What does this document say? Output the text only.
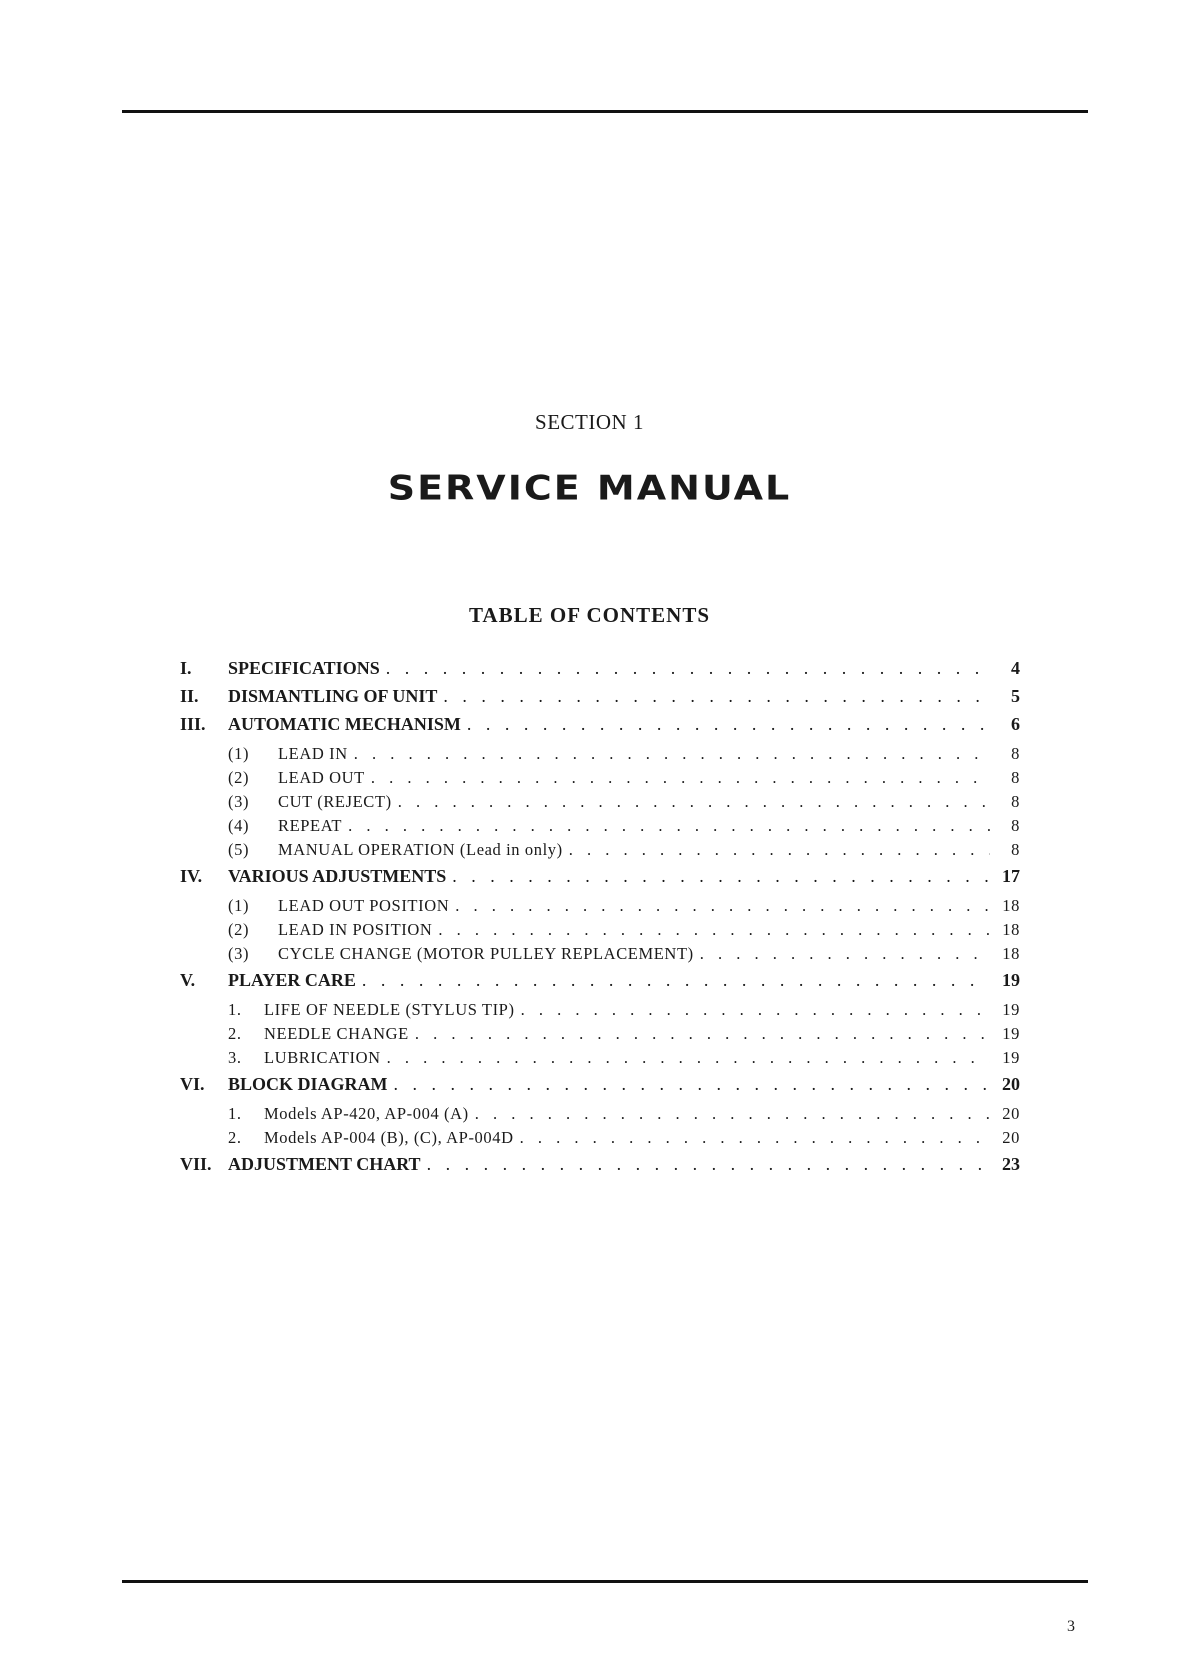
SECTION 1
SERVICE MANUAL
TABLE OF CONTENTS
I.	SPECIFICATIONS . . .	4
II.	DISMANTLING OF UNIT . . .	5
III.	AUTOMATIC MECHANISM . . .	6
(1)	LEAD IN . . .	8
(2)	LEAD OUT . . .	8
(3)	CUT (REJECT) . . .	8
(4)	REPEAT . . .	8
(5)	MANUAL OPERATION (Lead in only) . . .	8
IV.	VARIOUS ADJUSTMENTS . . .	17
(1)	LEAD OUT POSITION . . .	18
(2)	LEAD IN POSITION . . .	18
(3)	CYCLE CHANGE (MOTOR PULLEY REPLACEMENT) . . .	18
V.	PLAYER CARE . . .	19
1.	LIFE OF NEEDLE (STYLUS TIP) . . .	19
2.	NEEDLE CHANGE . . .	19
3.	LUBRICATION . . .	19
VI.	BLOCK DIAGRAM . . .	20
1.	Models AP-420, AP-004 (A) . . .	20
2.	Models AP-004 (B), (C), AP-004D . . .	20
VII. ADJUSTMENT CHART . . .	23
3
